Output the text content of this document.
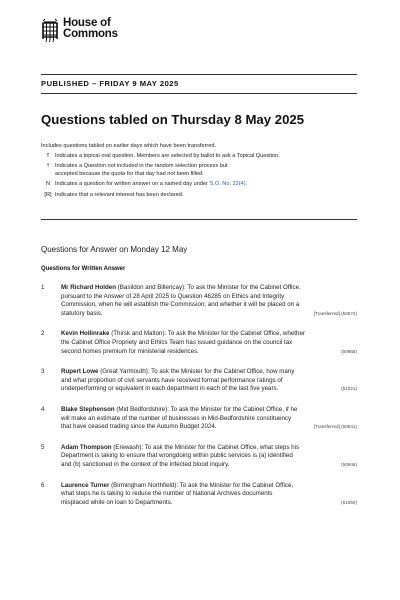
House of
Commons
PUBLISHED – FRIDAY 9 MAY 2025
Questions tabled on Thursday 8 May 2025
Includes questions tabled on earlier days which have been transferred.
T Indicates a topical oral question. Members are selected by ballot to ask a Topical Question.
† Indicates a Question not included in the random selection process but
accepted because the quota for that day had not been filled.
N Indicates a question for written answer on a named day under S.O. No. 22(4).
[R] Indicates that a relevant interest has been declared.
Questions for Answer on Monday 12 May
Questions for Written Answer
1	Mr Richard Holden (Basildon and Billericay): To ask the Minister for the Cabinet Office,
pursuant to the Answer of 28 April 2025 to Question 46285 on Ethics and Integrity
Commission, when he will establish the Commission; and whether it will be placed on a
statutory basis.	[Transferred] (50574)
2	Kevin Hollinrake (Thirsk and Malton): To ask the Minister for the Cabinet Office, whether
the Cabinet Office Propriety and Ethics Team has issued guidance on the council tax
second homes premium for ministerial residences.	(50868)
3	Rupert Lowe (Great Yarmouth): To ask the Minister for the Cabinet Office, how many
and what proportion of civil servants have received formal performance ratings of
underperforming or equivalent in each department in each of the last five years.	(51021)
4	Blake Stephenson (Mid Bedfordshire): To ask the Minister for the Cabinet Office, if he
will make an estimate of the number of businesses in Mid-Bedfordshire constituency
that have ceased trading since the Autumn Budget 2024.	[Transferred] (50641)
5	Adam Thompson (Erewash): To ask the Minister for the Cabinet Office, what steps his
Department is taking to ensure that wrongdoing within public services is (a) identified
and (b) sanctioned in the context of the infected blood inquiry.	(50946)
6	Laurence Turner (Birmingham Northfield): To ask the Minister for the Cabinet Office,
what steps he is taking to reduce the number of National Archives documents
misplaced while on loan to Departments.	(51059)
